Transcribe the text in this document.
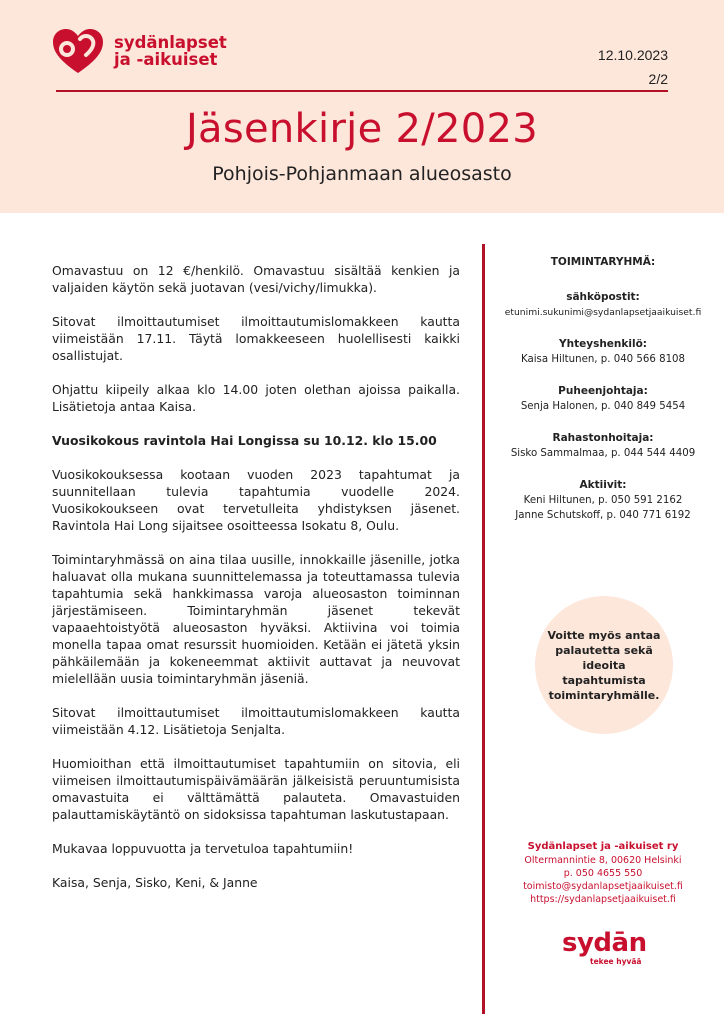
sydänlapset
ja -aikuiset	12.10.2023
2/2
Jäsenkirje 2/2023
Pohjois-Pohjanmaan alueosasto

Omavastuu on 12 €/henkilö. Omavastuu sisältää kenkien ja valjaiden käytön sekä juotavan (vesi/vichy/limukka).

Sitovat ilmoittautumiset ilmoittautumislomakkeen kautta viimeistään 17.11. Täytä lomakkeeseen huolellisesti kaikki osallistujat.

Ohjattu kiipeily alkaa klo 14.00 joten olethan ajoissa paikalla. Lisätietoja antaa Kaisa.

Vuosikokous ravintola Hai Longissa su 10.12. klo 15.00

Vuosikokouksessa kootaan vuoden 2023 tapahtumat ja suunnitellaan tulevia tapahtumia vuodelle 2024. Vuosikokoukseen ovat tervetulleita yhdistyksen jäsenet. Ravintola Hai Long sijaitsee osoitteessa Isokatu 8, Oulu.

Toimintaryhmässä on aina tilaa uusille, innokkaille jäsenille, jotka haluavat olla mukana suunnittelemassa ja toteuttamassa tulevia tapahtumia sekä hankkimassa varoja alueosaston toiminnan järjestämiseen. Toimintaryhmän jäsenet tekevät vapaaehtoistyötä alueosaston hyväksi. Aktiivina voi toimia monella tapaa omat resurssit huomioiden. Ketään ei jätetä yksin pähkäilemään ja kokeneemmat aktiivit auttavat ja neuvovat mielellään uusia toimintaryhmän jäseniä.

Sitovat ilmoittautumiset ilmoittautumislomakkeen kautta viimeistään 4.12. Lisätietoja Senjalta.

Huomioithan että ilmoittautumiset tapahtumiin on sitovia, eli viimeisen ilmoittautumispäivämäärän jälkeisistä peruuntumisista omavastuita ei välttämättä palauteta. Omavastuiden palauttamiskäytäntö on sidoksissa tapahtuman laskutustapaan.

Mukavaa loppuvuotta ja tervetuloa tapahtumiin!

Kaisa, Senja, Sisko, Keni, & Janne

TOIMINTARYHMÄ:
sähköpostit:
etunimi.sukunimi@sydanlapsetjaaikuiset.fi
Yhteyshenkilö:
Kaisa Hiltunen, p. 040 566 8108
Puheenjohtaja:
Senja Halonen, p. 040 849 5454
Rahastonhoitaja:
Sisko Sammalmaa, p. 044 544 4409
Aktiivit:
Keni Hiltunen, p. 050 591 2162
Janne Schutskoff, p. 040 771 6192
Voitte myös antaa palautetta sekä ideoita tapahtumista toimintaryhmälle.
Sydänlapset ja -aikuiset ry
Oltermannintie 8, 00620 Helsinki
p. 050 4655 550
toimisto@sydanlapsetjaaikuiset.fi
https://sydanlapsetjaaikuiset.fi
sydān
tekee hyvää
